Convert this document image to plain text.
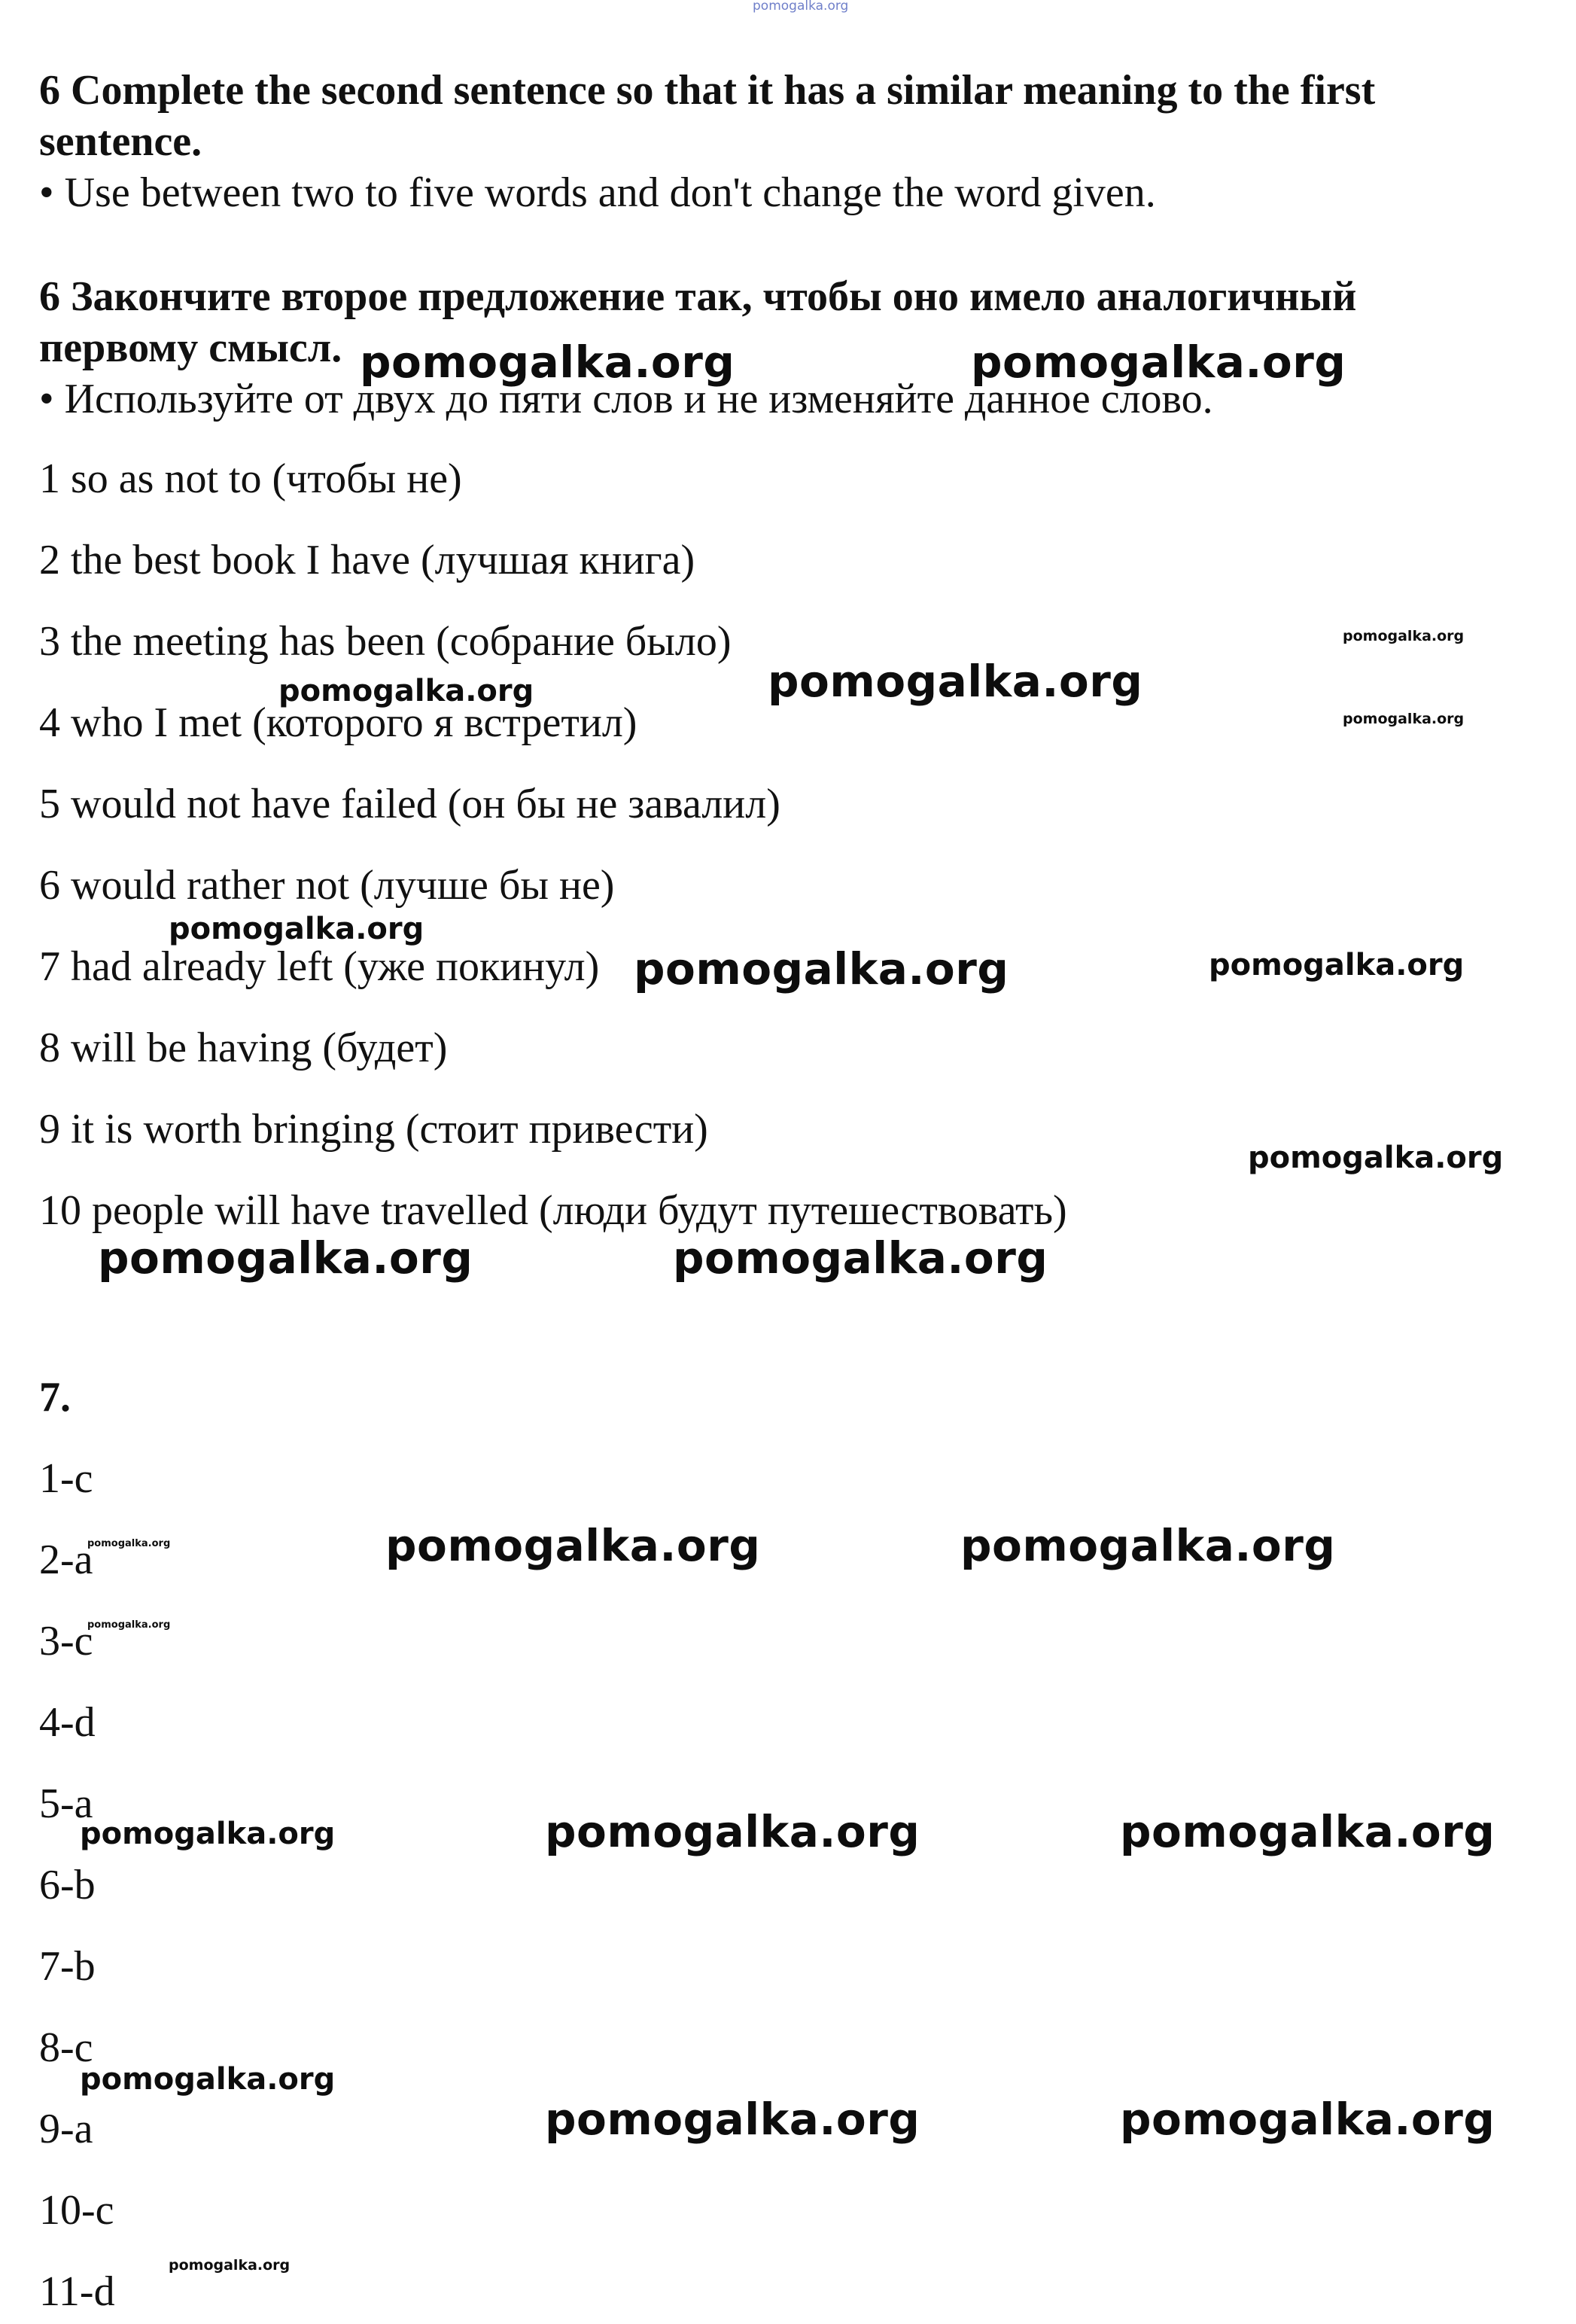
pomogalka.org
6 Complete the second sentence so that it has a similar meaning to the first
sentence.
• Use between two to five words and don't change the word given.
6 Закончите второе предложение так, чтобы оно имело аналогичный
первому смысл.
• Используйте от двух до пяти слов и не изменяйте данное слово.
1 so as not to (чтобы не)
2 the best book I have (лучшая книга)
3 the meeting has been (собрание было)
4 who I met (которого я встретил)
5 would not have failed (он бы не завалил)
6 would rather not (лучше бы не)
7 had already left (уже покинул)
8 will be having (будет)
9 it is worth bringing (стоит привести)
10 people will have travelled (люди будут путешествовать)
7.
1-c
2-a
3-c
4-d
5-a
6-b
7-b
8-c
9-a
10-c
11-d
pomogalka.org	pomogalka.org
pomogalka.org
pomogalka.org	pomogalka.org
pomogalka.org
pomogalka.org
pomogalka.org	pomogalka.org
pomogalka.org
pomogalka.org	pomogalka.org
pomogalka.org	pomogalka.org	pomogalka.org
pomogalka.org
pomogalka.org	pomogalka.org	pomogalka.org
pomogalka.org
pomogalka.org	pomogalka.org
pomogalka.org
